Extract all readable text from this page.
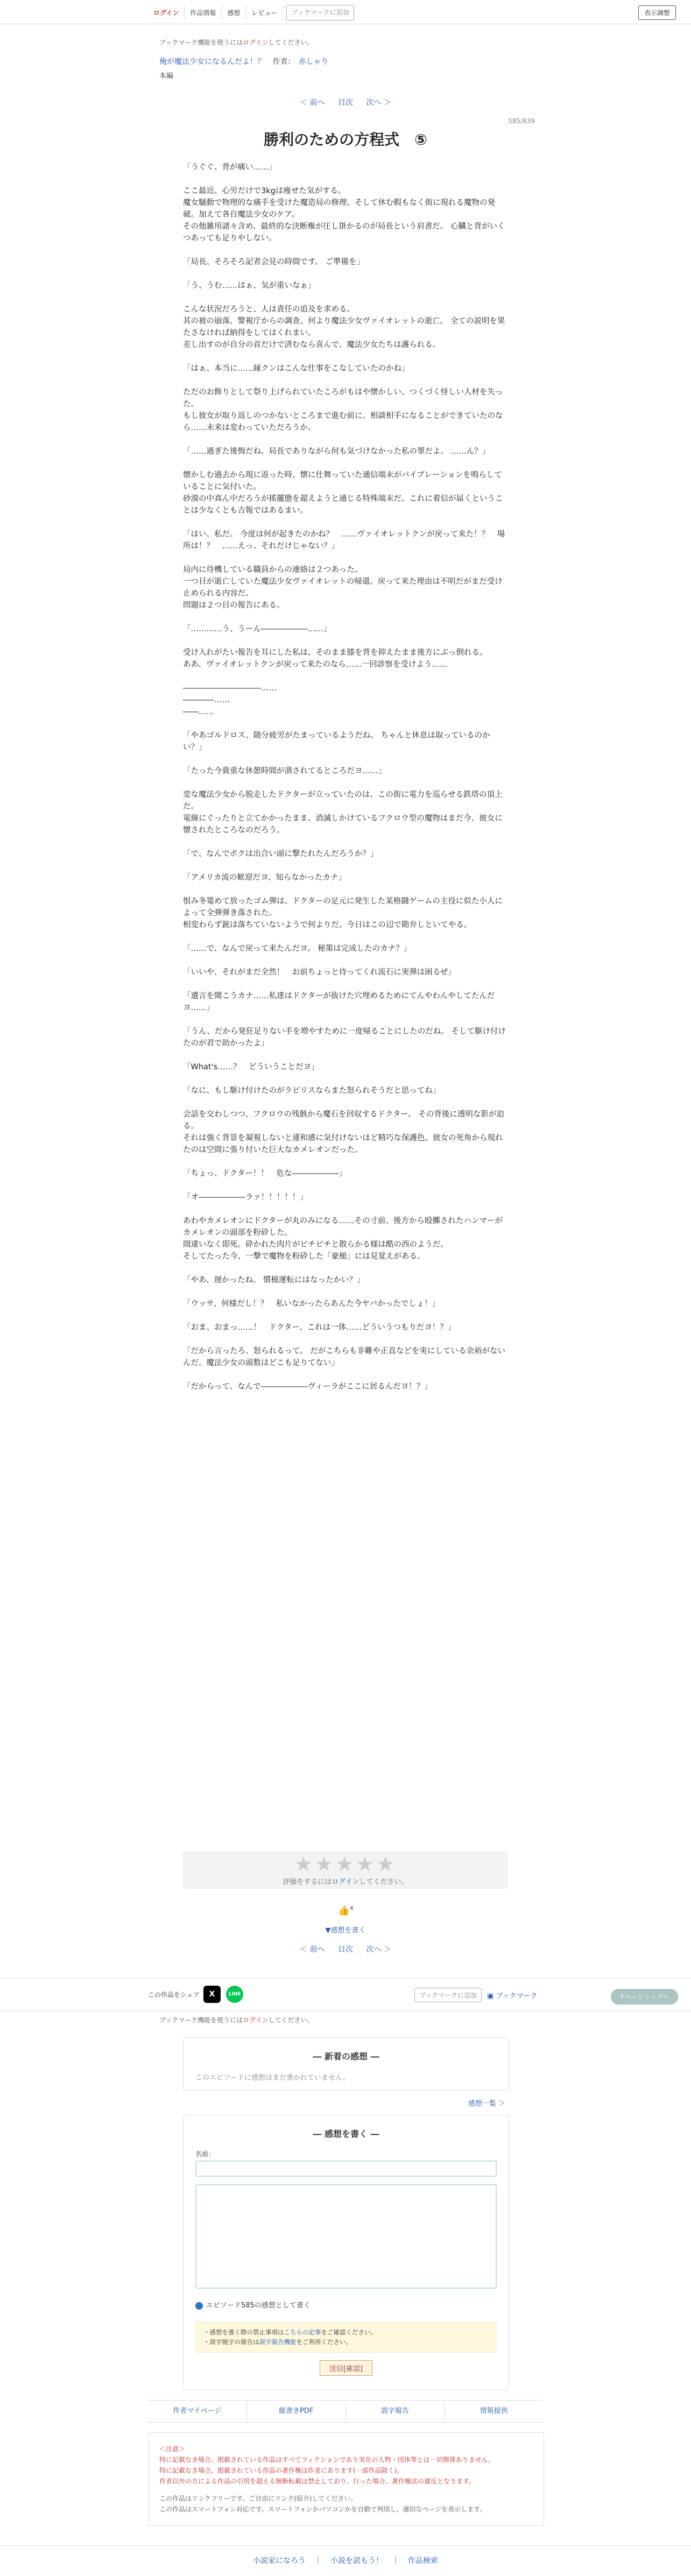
ログイン	作品情報	感想	レビュー	ブックマークに追加	表示調整
ブックマーク機能を使うにはログインしてください。
俺が魔法少女になるんだよ！？ 作者： 赤しゃり
本編
＜ 前へ 目次 次へ ＞
585/839
勝利のための方程式　⑤

「うぐぐ、背が痛い……」

ここ最近、心労だけで3kgは痩せた気がする。
魔女騒動で物理的な痛手を受けた魔造局の修理、そして休む暇もなく街に現れる魔物の発破。加えて各自魔法少女のケア。
その他雑用諸々含め、最終的な決断権が圧し掛かるのが局長という肩書だ。 心臓と背がいくつあっても足りやしない。

「局長、そろそろ記者会見の時間です。 ご準備を」

「う、うむ……はぁ、気が重いなぁ」

こんな状況だろうと、人は責任の追及を求める。
其の被の崩落、警視庁からの調査、何より魔法少女ヴァイオレットの逝亡。 全ての説明を果たさなければ納得をしてはくれまい。
差し出すのが自分の首だけで済むなら喜んで、魔法少女たちは護られる。

「はぁ、本当に……縁クンはこんな仕事をこなしていたのかね」

ただのお飾りとして祭り上げられていたころがもはや懐かしい、つくづく怪しい人材を失った。
もし彼女が取り返しのつかないところまで進む前に、相談相手になることができていたのなら……未来は変わっていただろうか。

「……過ぎた後悔だね。局長でありながら何も気づけなかった私の罪だよ。 ……ん？」

懐かしむ過去から現に返った時、懐に仕舞っていた通信端末がバイブレーションを鳴らしていることに気付いた。
砂漠の中真ん中だろうが搖擺態を超えようと通じる特殊端末だ。これに着信が届くということは少なくとも吉報ではあるまい。

「はい、私だ。 今度は何が起きたのかね？　……ヴァイオレットクンが戻って来た！？　場所は！？　……えっ、それだけじゃない？」

局内に待機している職員からの連絡は２つあった。
一つ目が逝亡していた魔法少女ヴァイオレットの帰還。戻って来た理由は不明だがまだ受け止められる内容だ。
問題は２つ目の報告にある。

「…………う、うーん――――――……」

受け入れがたい報告を耳にした私は、そのまま膝を背を抑えたまま後方にぶっ倒れる。
ああ、ヴァイオレットクンが戻って来たのなら……一回診察を受けよう……

――――――――――……
――――……
――……

「やあゴルドロス、随分疲労がたまっているようだね。 ちゃんと休息は取っているのかい？」

「たった今貴重な休憩時間が潰されてるところだヨ……」

変な魔法少女から脱走したドクターが立っていたのは、この街に電力を巡らせる鉄塔の頂上だ。
電線にぐったりと立てかかったまま、消滅しかけているフクロウ型の魔物はまだ今、彼女に懐されたところなのだろう。

「で、なんでボクは出合い頭に撃たれたんだろうか？」

「アメリカ流の歓迎だヨ、知らなかったカナ」

恨み冬篭めて放ったゴム弾は、ドクターの足元に発生した某格闘ゲームの主役に似た小人によって全弾弾き落された。
相変わらず銃は落ちていないようで何よりだ。今日はこの辺で勘弁しといてやる。

「……で、なんで戻って来たんだヨ。 秘策は完成したのカナ？」

「いいや、それがまだ全然！　お前ちょっと待ってくれ流石に実弾は困るぜ」

「遺言を聞こうカナ……私達はドクターが抜けた穴埋めるためにてんやわんやしてたんだヨ……」

「うん、だから発狂足りない手を増やすために一度帰ることにしたのだね。 そして駆け付けたのが君で助かったよ」

「What's……？　どういうことだヨ」

「なに、もし駆け付けたのがラピリスならまた怒られそうだと思ってね」

会話を交わしつつ、フクロウの残骸から魔石を回収するドクター。 その背後に透明な影が迫る。
それは強く背景を凝視しないと違和感に気付けないほど精巧な保護色。彼女の死角から現れたのは空間に張り付いた巨大なカメレオンだった。

「ちょっ、ドクター！！　危な――――――」

「オ――――――ラァ！！！！！」

あわやカメレオンにドクターが丸のみになる……その寸前、後方から殴擲されたハンマーがカメレオンの頭部を粉砕した。
間違いなく即死。砕かれた肉片がビチビチと散らかる様は酷の西のようだ。
そしてたった今、一撃で魔物を粉砕した「豪槌」には見覚えがある。

「やあ、遅かったね。 慣槌運転にはなったかい？」

「ウッサ、何様だし！？　私いなかったらあんた今ヤバかったでしょ！」

「おま、おまっ……！　ドクター、これは一体……どういうつもりだヨ！？」

「だから言ったろ、怒られるって。 だがこちらも非難や正直などを実にしている余裕がないんだ。魔法少女の頭数はどこも足りてない」

「だからって、なんで――――――ヴィーラがここに居るんだヨ！？」

★★★★★
評価をするにはログインしてください。
👍$^4$
▼感想を書く
＜ 前へ 目次 次へ ＞
この作品をシェア	X	LINE	ブックマークに追加	▣ ブックマーク	↑ページトップへ
ブックマーク機能を使うにはログインしてください。
― 新着の感想 ―
このエピソードに感想はまだ書かれていません。
感想一覧 ＞
― 感想を書く ―
名前：
エピソード585の感想として書く
・感想を書く際の禁止事項はこちらの記事をご確認ください。
・誤字脱字の報告は誤字報告機能をご利用ください。
送信[確認]
作者マイページ	縦書きPDF	誤字報告	情報提供
＜注意＞
特に記載なき場合、掲載されている作品はすべてフィクションであり実在の人物・団体等とは一切関係ありません。
特に記載なき場合、掲載されている作品の著作権は作者にあります(一部作品除く)。
作者以外の方による作品の引用を超える無断転載は禁止しており、行った場合、著作権法の違反となります。
この作品はリンクフリーです。ご自由にリンク(紹介)してください。
この作品はスマートフォン対応です。スマートフォンかパソコンかを自動で判別し、適切なページを表示します。
小説家になろう ｜ 小説を読もう！ ｜ 作品検索
